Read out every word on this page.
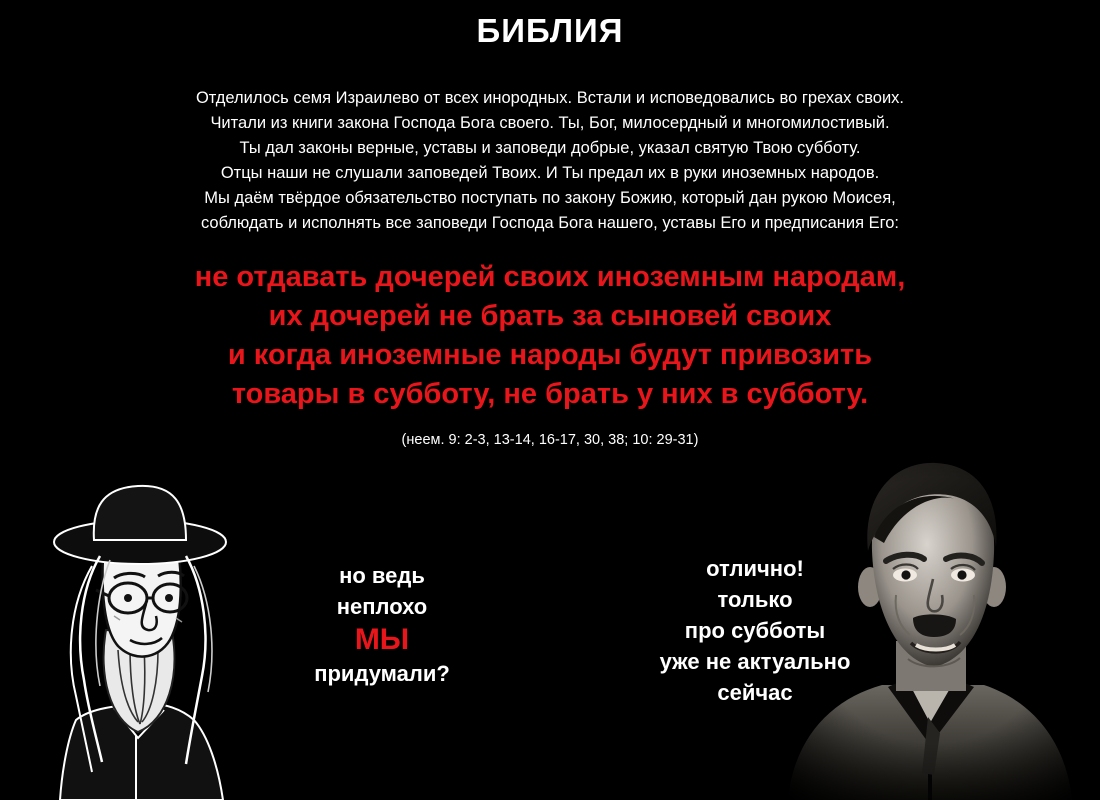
БИБЛИЯ
Отделилось семя Израилево от всех инородных. Встали и исповедовались во грехах своих.
Читали из книги закона Господа Бога своего. Ты, Бог, милосердный и многомилостивый.
Ты дал законы верные, уставы и заповеди добрые, указал святую Твою субботу.
Отцы наши не слушали заповедей Твоих. И Ты предал их в руки иноземных народов.
Мы даём твёрдое обязательство поступать по закону Божию, который дан рукою Моисея,
соблюдать и исполнять все заповеди Господа Бога нашего, уставы Его и предписания Его:
не отдавать дочерей своих иноземным народам,
их дочерей не брать за сыновей своих
и когда иноземные народы будут привозить
товары в субботу, не брать у них в субботу.
(неем. 9: 2-3, 13-14, 16-17, 30, 38; 10: 29-31)
но ведь
неплохо
МЫ
придумали?
отлично!
только
про субботы
уже не актуально
сейчас
